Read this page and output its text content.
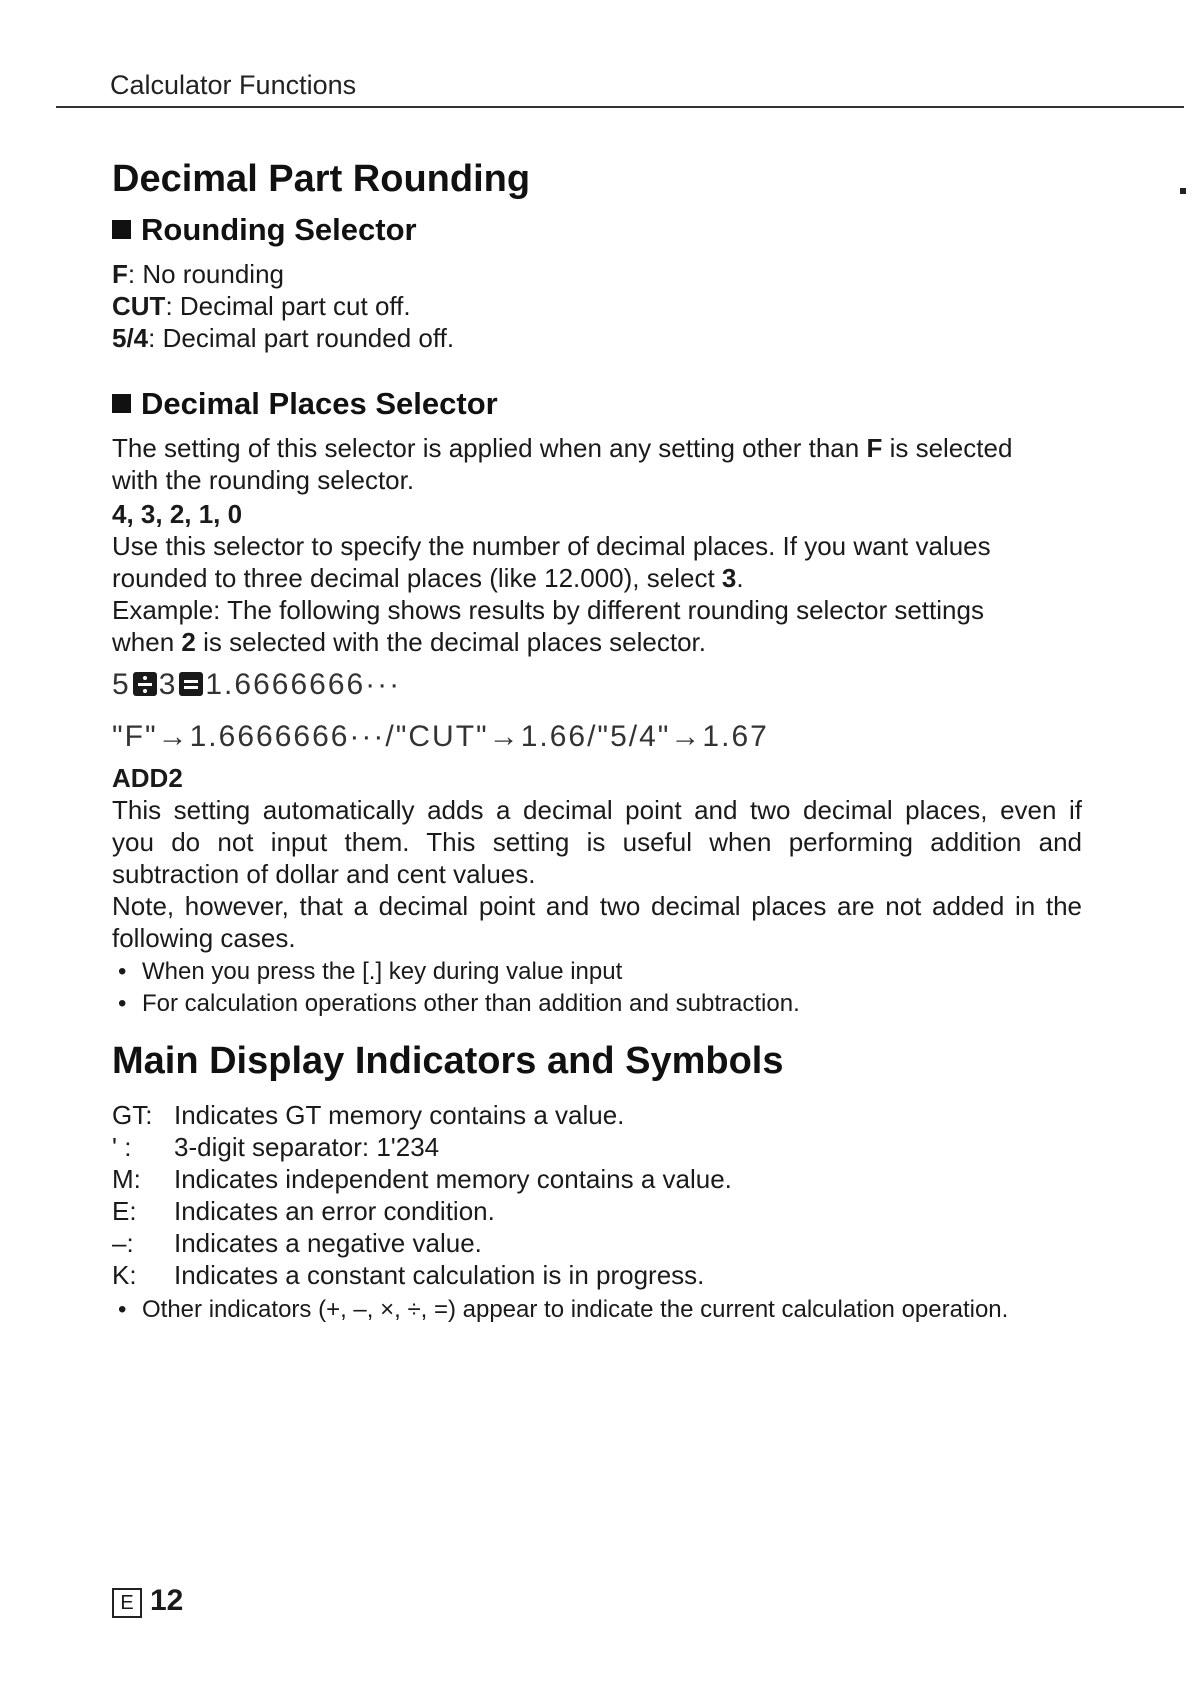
Calculator Functions
Decimal Part Rounding
Rounding Selector
F: No rounding
CUT: Decimal part cut off.
5/4: Decimal part rounded off.
Decimal Places Selector
The setting of this selector is applied when any setting other than F is selected
with the rounding selector.
4, 3, 2, 1, 0
Use this selector to specify the number of decimal places. If you want values
rounded to three decimal places (like 12.000), select 3.
Example: The following shows results by different rounding selector settings
when 2 is selected with the decimal places selector.
5 3 1.6666666···
"F"→1.6666666···/"CUT"→1.66/"5/4"→1.67
ADD2
This setting automatically adds a decimal point and two decimal places, even if
you do not input them. This setting is useful when performing addition and
subtraction of dollar and cent values.
Note, however, that a decimal point and two decimal places are not added in the
following cases.
• When you press the [.] key during value input
• For calculation operations other than addition and subtraction.
Main Display Indicators and Symbols
GT: Indicates GT memory contains a value.
' : 3-digit separator: 1'234
M: Indicates independent memory contains a value.
E: Indicates an error condition.
–: Indicates a negative value.
K: Indicates a constant calculation is in progress.
• Other indicators (+, –, ×, ÷, =) appear to indicate the current calculation operation.
E 12
